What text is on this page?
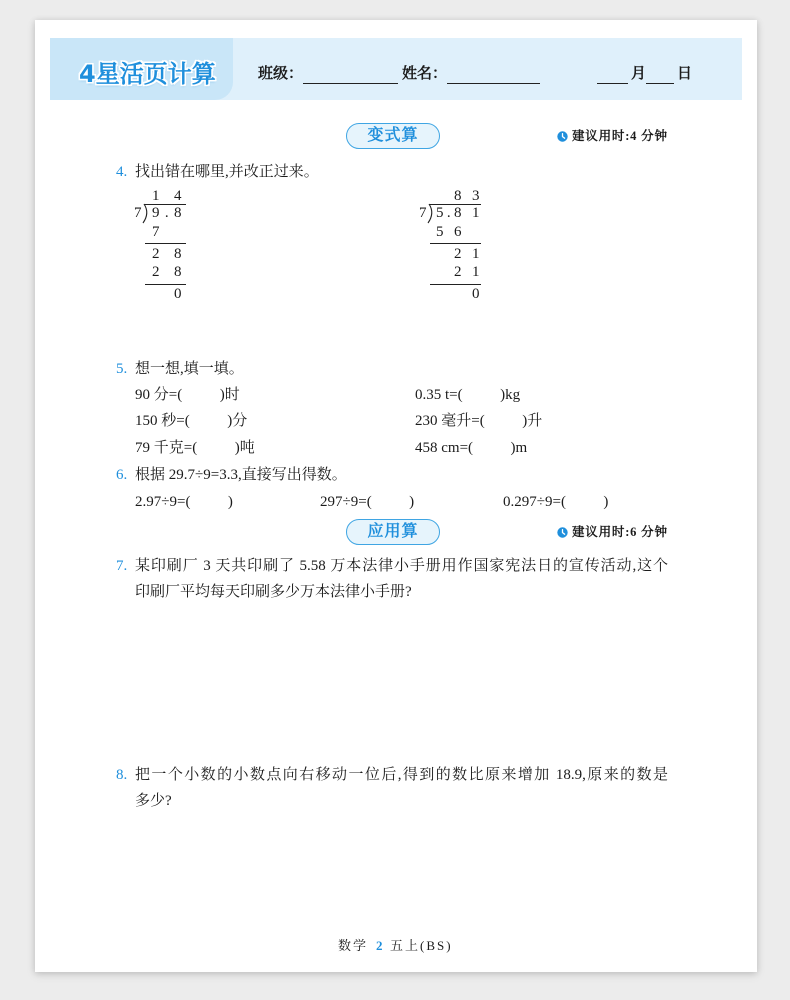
4星活页计算	班级：	姓名：	月 日
变式算	建议用时:4 分钟
4. 找出错在哪里,并改正过来。
1 4
7 9.8
7
2 8
2 8
0
8 3
7 5.8 1
5 6
2 1
2 1
0
5. 想一想,填一填。
90 分=(          )时	0.35 t=(          )kg
150 秒=(          )分	230 毫升=(          )升
79 千克=(          )吨	458 cm=(          )m
6. 根据 29.7÷9=3.3,直接写出得数。
2.97÷9=(          )	297÷9=(          )	0.297÷9=(          )
应用算	建议用时:6 分钟
7. 某印刷厂 3 天共印刷了 5.58 万本法律小手册用作国家宪法日的宣传活动,这个
印刷厂平均每天印刷多少万本法律小手册?
8. 把一个小数的小数点向右移动一位后,得到的数比原来增加 18.9,原来的数是
多少?
数学 2 五上(BS)
